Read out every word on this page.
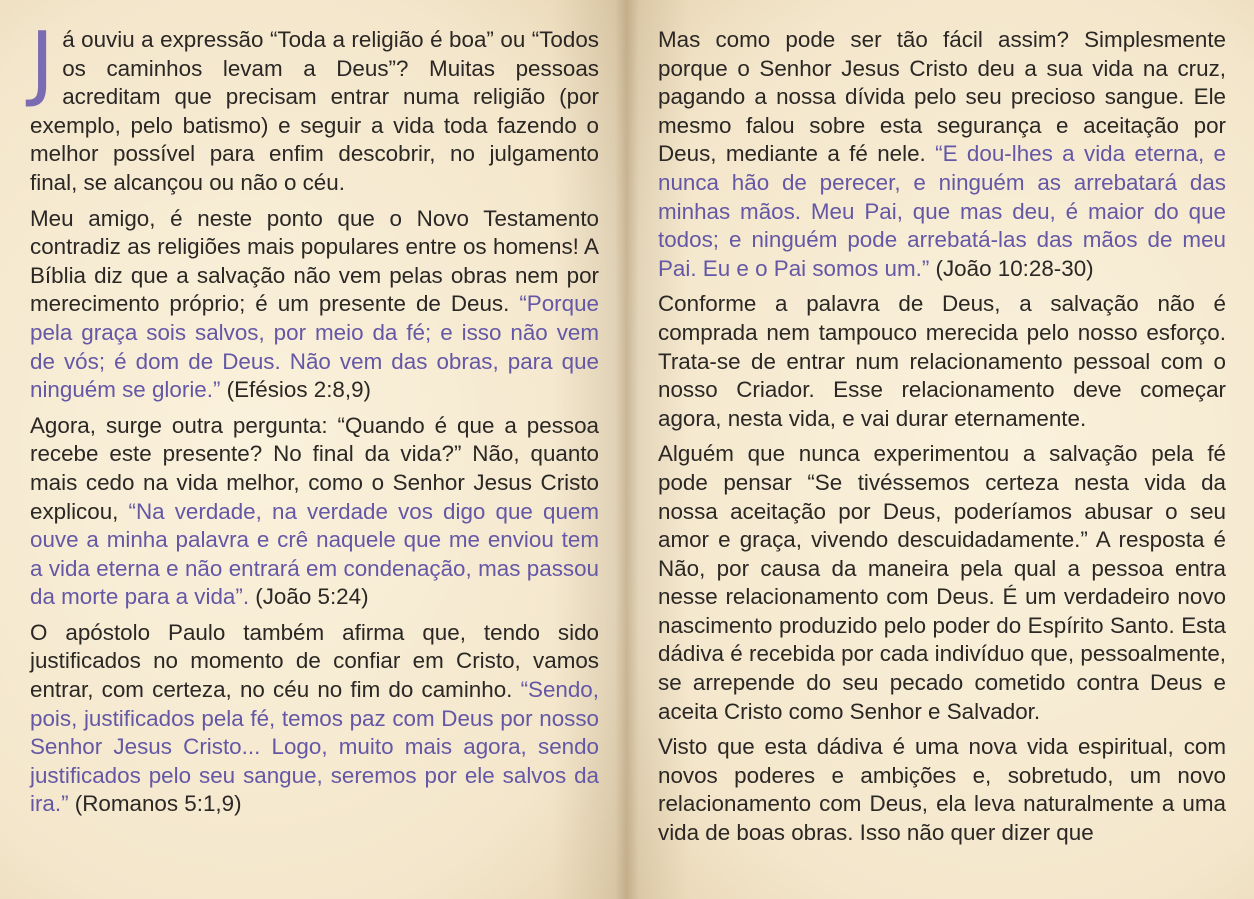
Já ouviu a expressão “Toda a religião é boa” ou “Todos os caminhos levam a Deus”? Muitas pessoas acreditam que precisam entrar numa religião (por exemplo, pelo batismo) e seguir a vida toda fazendo o melhor possível para enfim descobrir, no julgamento final, se alcançou ou não o céu.

Meu amigo, é neste ponto que o Novo Testamento contradiz as religiões mais populares entre os homens! A Bíblia diz que a salvação não vem pelas obras nem por merecimento próprio; é um presente de Deus. “Porque pela graça sois salvos, por meio da fé; e isso não vem de vós; é dom de Deus. Não vem das obras, para que ninguém se glorie.” (Efésios 2:8,9)

Agora, surge outra pergunta: “Quando é que a pessoa recebe este presente? No final da vida?” Não, quanto mais cedo na vida melhor, como o Senhor Jesus Cristo explicou, “Na verdade, na verdade vos digo que quem ouve a minha palavra e crê naquele que me enviou tem a vida eterna e não entrará em condenação, mas passou da morte para a vida”. (João 5:24)

O apóstolo Paulo também afirma que, tendo sido justificados no momento de confiar em Cristo, vamos entrar, com certeza, no céu no fim do caminho. “Sendo, pois, justificados pela fé, temos paz com Deus por nosso Senhor Jesus Cristo... Logo, muito mais agora, sendo justificados pelo seu sangue, seremos por ele salvos da ira.” (Romanos 5:1,9)

Mas como pode ser tão fácil assim? Simplesmente porque o Senhor Jesus Cristo deu a sua vida na cruz, pagando a nossa dívida pelo seu precioso sangue. Ele mesmo falou sobre esta segurança e aceitação por Deus, mediante a fé nele. “E dou-lhes a vida eterna, e nunca hão de perecer, e ninguém as arrebatará das minhas mãos. Meu Pai, que mas deu, é maior do que todos; e ninguém pode arrebatá-las das mãos de meu Pai. Eu e o Pai somos um.” (João 10:28-30)

Conforme a palavra de Deus, a salvação não é comprada nem tampouco merecida pelo nosso esforço. Trata-se de entrar num relacionamento pessoal com o nosso Criador. Esse relacionamento deve começar agora, nesta vida, e vai durar eternamente.

Alguém que nunca experimentou a salvação pela fé pode pensar “Se tivéssemos certeza nesta vida da nossa aceitação por Deus, poderíamos abusar o seu amor e graça, vivendo descuidadamente.” A resposta é Não, por causa da maneira pela qual a pessoa entra nesse relacionamento com Deus. É um verdadeiro novo nascimento produzido pelo poder do Espírito Santo. Esta dádiva é recebida por cada indivíduo que, pessoalmente, se arrepende do seu pecado cometido contra Deus e aceita Cristo como Senhor e Salvador.

Visto que esta dádiva é uma nova vida espiritual, com novos poderes e ambições e, sobretudo, um novo relacionamento com Deus, ela leva naturalmente a uma vida de boas obras. Isso não quer dizer que
